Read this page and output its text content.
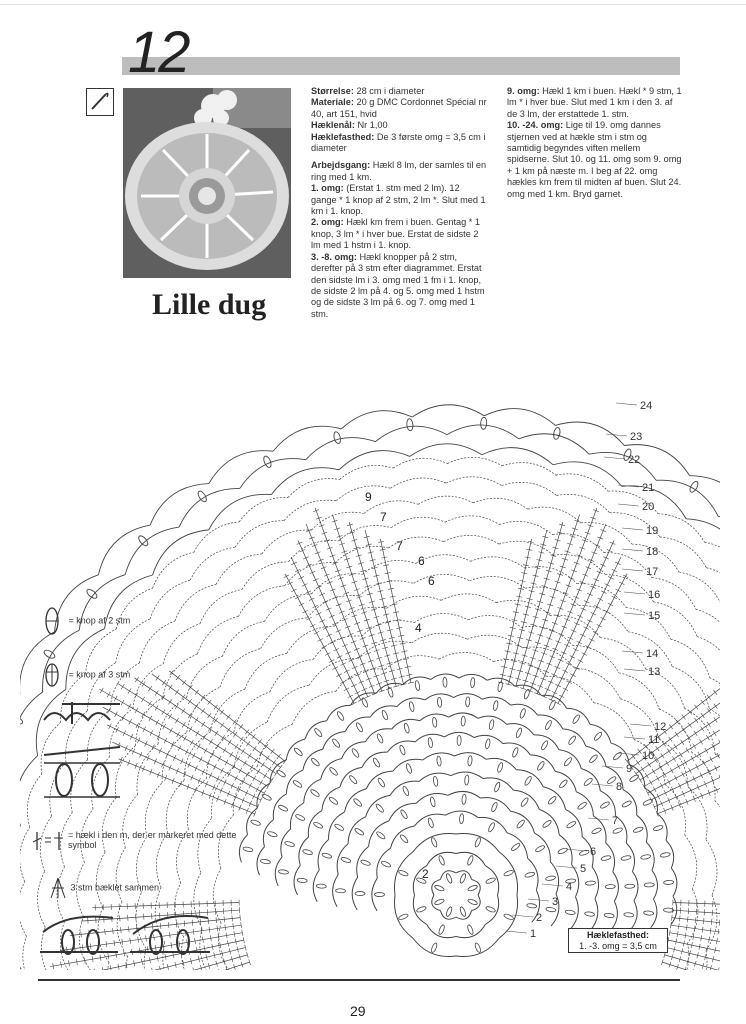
12
Lille dug

Størrelse: 28 cm i diameter

Materiale: 20 g DMC Cordonnet Spécial nr 40, art 151, hvid

Hæklenål: Nr 1,00

Hæklefasthed: De 3 første omg = 3,5 cm i diameter

Arbejdsgang: Hækl 8 lm, der samles til en ring med 1 km.

1. omg: (Erstat 1. stm med 2 lm). 12 gange * 1 knop af 2 stm, 2 lm *. Slut med 1 km i 1. knop.

2. omg: Hækl km frem i buen. Gentag * 1 knop, 3 lm * i hver bue. Erstat de sidste 2 lm med 1 hstm i 1. knop.

3. -8. omg: Hækl knopper på 2 stm, derefter på 3 stm efter diagrammet. Erstat den sidste lm i 3. omg med 1 fm i 1. knop, de sidste 2 lm på 4. og 5. omg med 1 hstm og de sidste 3 lm på 6. og 7. omg med 1 stm.

9. omg: Hækl 1 km i buen. Hækl * 9 stm, 1 lm * i hver bue. Slut med 1 km i den 3. af de 3 lm, der erstattede 1. stm.

10. -24. omg: Lige til 19. omg dannes stjernen ved at hækle stm i stm og samtidig begyndes viften mellem spidserne. Slut 10. og 11. omg som 9. omg + 1 km på næste m. I beg af 22. omg hækles km frem til midten af buen. Slut 24. omg med 1 km. Bryd garnet.

24
23
22
21
20
19
18
17
16
15
14
13
12
11
10
9
8
7
6
5
4
3
2
1
9
7
7
6
6
4
2
= knop af 2 stm
= knop af 3 stm
= hækl i den m, der er markeret med dette symbol
3 stm hæklet sammen
Hæklefasthed:
1. -3. omg = 3,5 cm
29
